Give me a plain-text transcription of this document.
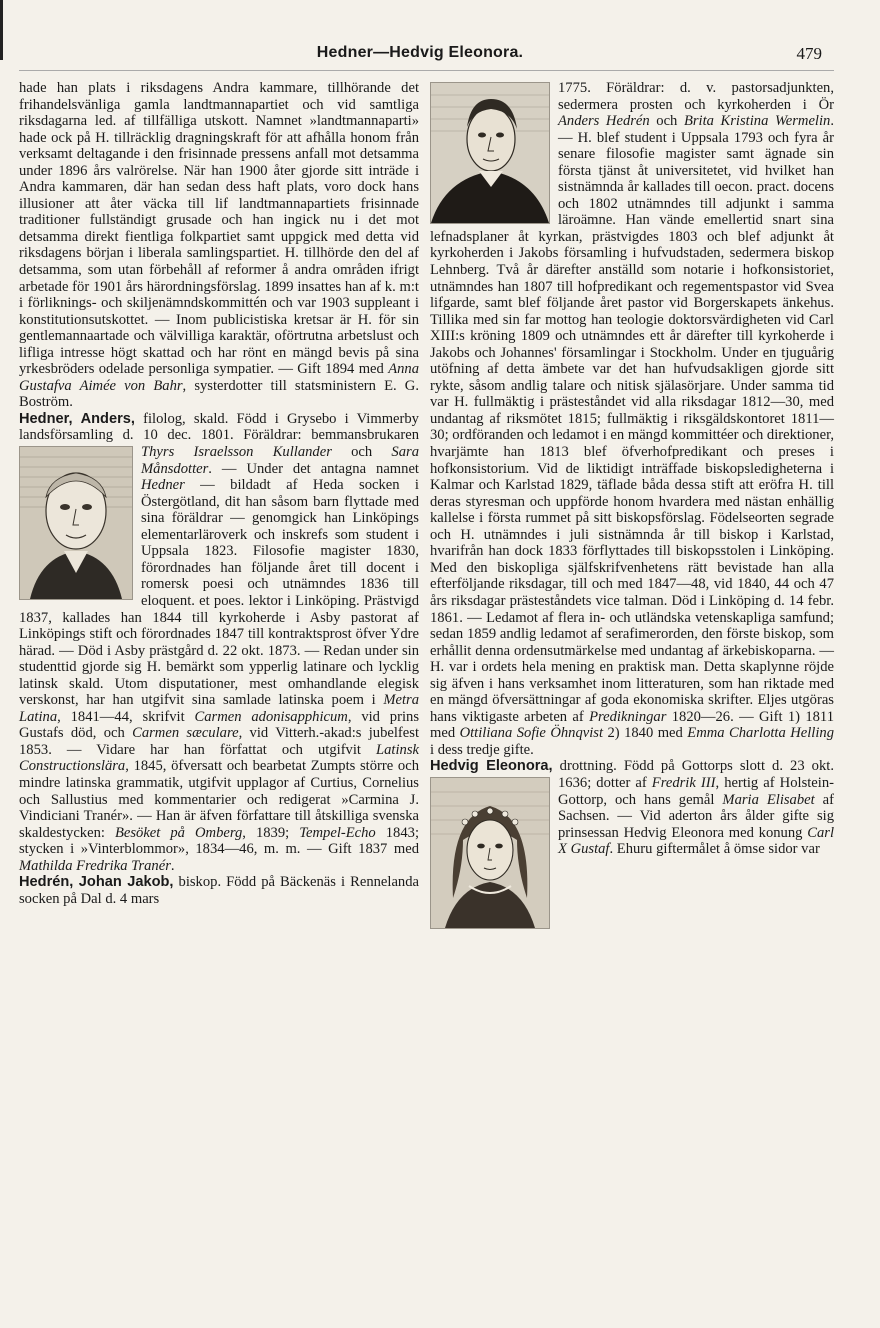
Hedner—Hedvig Eleonora.	479

hade han plats i riksdagens Andra kammare, tillhörande det frihandelsvänliga gamla landtmannapartiet och vid samtliga riksdagarna led. af tillfälliga utskott. Namnet »landtmannaparti» hade ock på H. tillräcklig dragningskraft för att afhålla honom från verksamt deltagande i den frisinnade pressens anfall mot detsamma under 1896 års valrörelse. När han 1900 åter gjorde sitt inträde i Andra kammaren, där han sedan dess haft plats, voro dock hans illusioner att åter väcka till lif landtmannapartiets frisinnade traditioner fullständigt grusade och han ingick nu i det mot detsamma direkt fientliga folkpartiet samt uppgick med detta vid riksdagens början i liberala samlingspartiet. H. tillhörde den del af detsamma, som utan förbehåll af reformer å andra områden ifrigt arbetade för 1901 års härordningsförslag. 1899 insattes han af k. m:t i förliknings- och skiljenämndskommittén och var 1903 suppleant i konstitutionsutskottet. — Inom publicistiska kretsar är H. för sin gentlemannaartade och välvilliga karaktär, oförtrutna arbetslust och lifliga intresse högt skattad och har rönt en mängd bevis på sina yrkesbröders odelade personliga sympatier. — Gift 1894 med Anna Gustafva Aimée von Bahr, systerdotter till statsministern E. G. Boström.

Hedner, Anders, filolog, skald. Född i Grysebo i Vimmerby landsförsamling d. 10 dec. 1801. Föräldrar: bemmansbrukaren
Thyrs Israelsson Kullander och Sara Månsdotter. — Under det antagna namnet Hedner — bildadt af Heda socken i Östergötland, dit han såsom barn flyttade med sina föräldrar — genomgick han Linköpings elementarläroverk och inskrefs som student i Uppsala 1823. Filosofie magister 1830, förordnades han följande året till docent i romersk poesi och utnämndes 1836 till eloquent. et poes. lektor i Linköping. Prästvigd 1837, kallades han 1844 till kyrkoherde i Asby pastorat af Linköpings stift och förordnades 1847 till kontraktsprost öfver Ydre härad. — Död i Asby prästgård d. 22 okt. 1873. — Redan under sin studenttid gjorde sig H. bemärkt som ypperlig latinare och lycklig latinsk skald. Utom disputationer, mest omhandlande elegisk verskonst, har han utgifvit sina samlade latinska poem i Metra Latina, 1841—44, skrifvit Carmen adonisapphicum, vid prins Gustafs död, och Carmen sæculare, vid Vitterh.-akad:s jubelfest 1853. — Vidare har han författat och utgifvit Latinsk Constructionslära, 1845, öfversatt och bearbetat Zumpts större och mindre latinska grammatik, utgifvit upplagor af Curtius, Cornelius och Sallustius med kommentarier och redigerat »Carmina J. Vindiciani Tranér». — Han är äfven författare till åtskilliga svenska skaldestycken: Besöket på Omberg, 1839; Tempel-Echo 1843; stycken i »Vinterblommor», 1834—46, m. m. — Gift 1837 med Mathilda Fredrika Tranér.

Hedrén, Johan Jakob, biskop. Född på Bäckenäs i Rennelanda socken på Dal d. 4 mars

1775. Föräldrar: d. v. pastorsadjunkten, sedermera prosten och kyrkoherden i Ör Anders Hedrén och Brita Kristina Wermelin. — H. blef student i Uppsala 1793 och fyra år senare filosofie magister samt ägnade sin första tjänst åt universitetet, vid hvilket han sistnämnda år kallades till oecon. pract. docens och 1802 utnämndes till adjunkt i samma läroämne. Han vände emellertid snart sina lefnadsplaner åt kyrkan, prästvigdes 1803 och blef adjunkt åt kyrkoherden i Jakobs församling i hufvudstaden, sedermera biskop Lehnberg. Två år därefter anställd som notarie i hofkonsistoriet, utnämndes han 1807 till hofpredikant och regementspastor vid Svea lifgarde, samt blef följande året pastor vid Borgerskapets änkehus. Tillika med sin far mottog han teologie doktorsvärdigheten vid Carl XIII:s kröning 1809 och utnämndes ett år därefter till kyrkoherde i Jakobs och Johannes' församlingar i Stockholm. Under en tjuguårig utöfning af detta ämbete var det han hufvudsakligen gjorde sitt rykte, såsom andlig talare och nitisk själasörjare. Under samma tid var H. fullmäktig i prästeståndet vid alla riksdagar 1812—30, med undantag af riksmötet 1815; fullmäktig i riksgäldskontoret 1811—30; ordföranden och ledamot i en mängd kommittéer och direktioner, hvarjämte han 1813 blef öfverhofpredikant och preses i hofkonsistorium. Vid de liktidigt inträffade biskopsledigheterna i Kalmar och Karlstad 1829, täflade båda dessa stift att eröfra H. till deras styresman och uppförde honom hvardera med nästan enhällig kallelse i första rummet på sitt biskopsförslag. Födelseorten segrade och H. utnämndes i juli sistnämnda år till biskop i Karlstad, hvarifrån han dock 1833 förflyttades till biskopsstolen i Linköping. Med den biskopliga själfskrifvenhetens rätt bevistade han alla efterföljande riksdagar, till och med 1847—48, vid 1840, 44 och 47 års riksdagar prästeståndets vice talman. Död i Linköping d. 14 febr. 1861. — Ledamot af flera in- och utländska vetenskapliga samfund; sedan 1859 andlig ledamot af serafimerorden, den förste biskop, som erhållit denna ordensutmärkelse med undantag af ärkebiskoparna. — H. var i ordets hela mening en praktisk man. Detta skaplynne röjde sig äfven i hans verksamhet inom litteraturen, som han riktade med en mängd öfversättningar af goda ekonomiska skrifter. Eljes utgöras hans viktigaste arbeten af Predikningar 1820—26. — Gift 1) 1811 med Ottiliana Sofie Öhnqvist 2) 1840 med Emma Charlotta Helling i dess tredje gifte.

Hedvig Eleonora, drottning. Född på Gottorps slott d. 23 okt. 1636; dotter af
Fredrik III, hertig af Holstein-Gottorp, och hans gemål Maria Elisabet af Sachsen. — Vid aderton års ålder gifte sig prinsessan Hedvig Eleonora med konung Carl X Gustaf. Ehuru giftermålet å ömse sidor var
